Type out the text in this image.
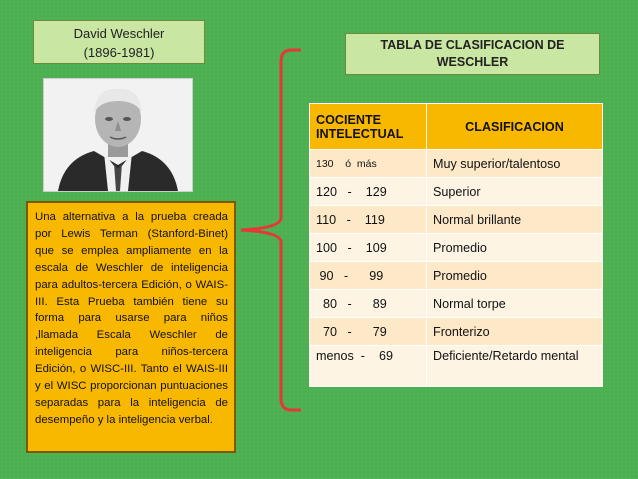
David Weschler
(1896-1981)
Una alternativa a la prueba creada por Lewis Terman (Stanford-Binet) que se emplea ampliamente en la escala de Weschler de inteligencia para adultos-tercera Edición, o WAIS-III. Esta Prueba también tiene su forma para usarse para niños ,llamada Escala Weschler de inteligencia para niños-tercera Edición, o WISC-III. Tanto el WAIS-III y el WISC proporcionan puntuaciones separadas para la inteligencia de desempeño y la inteligencia verbal.
TABLA DE CLASIFICACION DE
WESCHLER
COCIENTE INTELECTUAL	CLASIFICACION
130    ó  más	Muy superior/talentoso
120   -    129	Superior
110   -    119	Normal brillante
100   -    109	Promedio
90   -      99	Promedio
80   -      89	Normal torpe
70   -      79	Fronterizo
menos  -    69	Deficiente/Retardo mental
